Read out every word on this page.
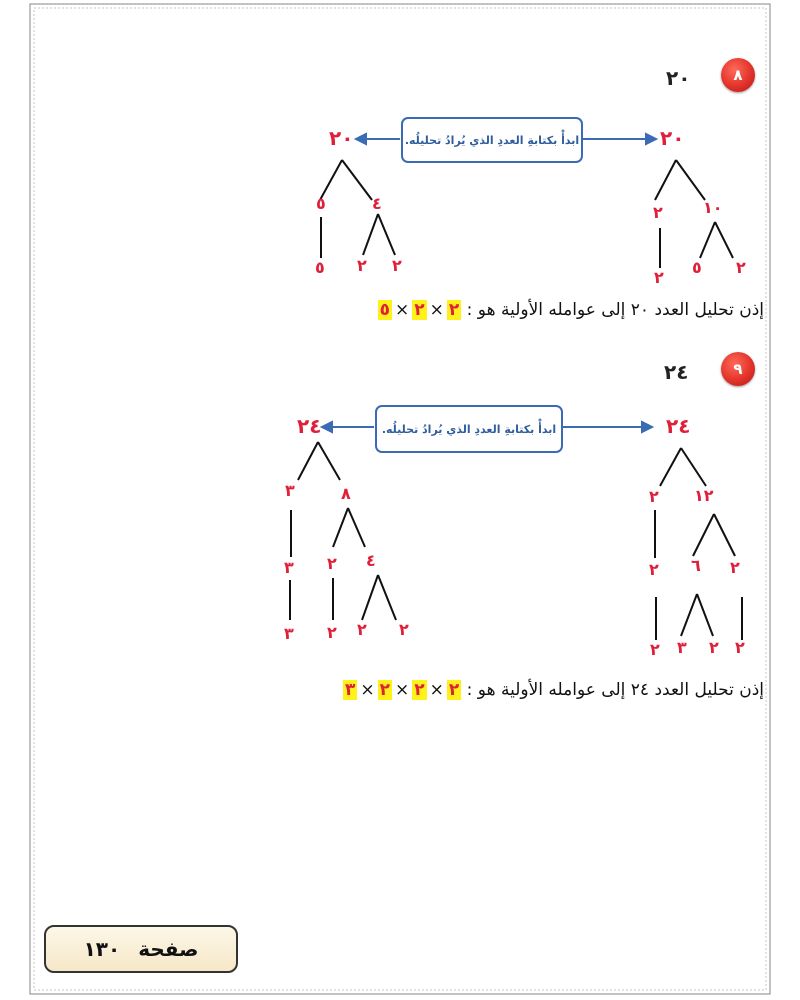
٨
٢٠
ابدأْ بكتابةِ العددِ الذي يُرادُ تحليلُه.	٢٠
١٠
٢
٢
٥
٢
٢٠
٤
٥
٢
٢
٥
إذن تحليل العدد ٢٠ إلى عوامله الأولية هو : ٢×٢×٥
٩
٢٤
ابدأْ بكتابةِ العددِ الذي يُرادُ تحليلُه.	٢٤
١٢
٢
٢
٦
٢
٢
٢
٣
٢
٢٤
٨
٣
٤
٢
٣
٢
٢
٢
٣
إذن تحليل العدد ٢٤ إلى عوامله الأولية هو : ٢×٢×٢×٣
صفحة
١٣٠
